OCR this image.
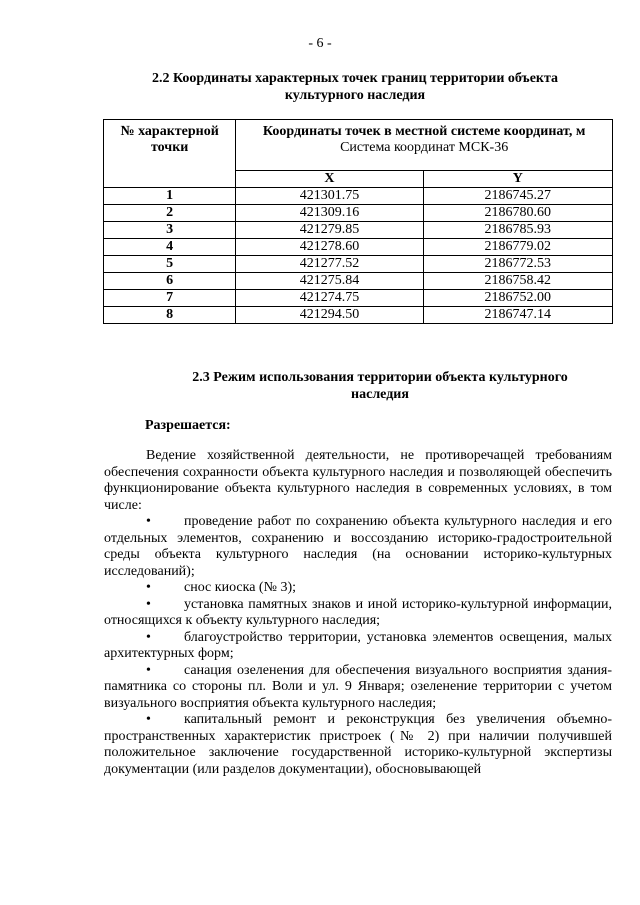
- 6 -
2.2 Координаты характерных точек границ территории объекта
культурного наследия
№ характерной
точки	Координаты точек в местной системе координат, м
Система координат МСК-36	

	X	Y
1	421301.75	2186745.27
2	421309.16	2186780.60
3	421279.85	2186785.93
4	421278.60	2186779.02
5	421277.52	2186772.53
6	421275.84	2186758.42
7	421274.75	2186752.00
8	421294.50	2186747.14
2.3 Режим использования территории объекта культурного
наследия
Разрешается:

Ведение хозяйственной деятельности, не противоречащей требованиям обеспечения сохранности объекта культурного наследия и позволяющей обеспечить функционирование объекта культурного наследия в современных условиях, в том числе:

• проведение работ по сохранению объекта культурного наследия и его отдельных элементов, сохранению и воссозданию историко-градостроительной среды объекта культурного наследия (на основании историко-культурных исследований);

• снос киоска (№ 3);

• установка памятных знаков и иной историко-культурной информации, относящихся к объекту культурного наследия;

• благоустройство территории, установка элементов освещения, малых архитектурных форм;

• санация озеленения для обеспечения визуального восприятия здания-памятника со стороны пл. Воли и ул. 9 Января; озеленение территории с учетом визуального восприятия объекта культурного наследия;

• капитальный ремонт и реконструкция без увеличения объемно-пространственных характеристик пристроек (№ 2) при наличии получившей положительное заключение государственной историко-культурной экспертизы документации (или разделов документации), обосновывающей
